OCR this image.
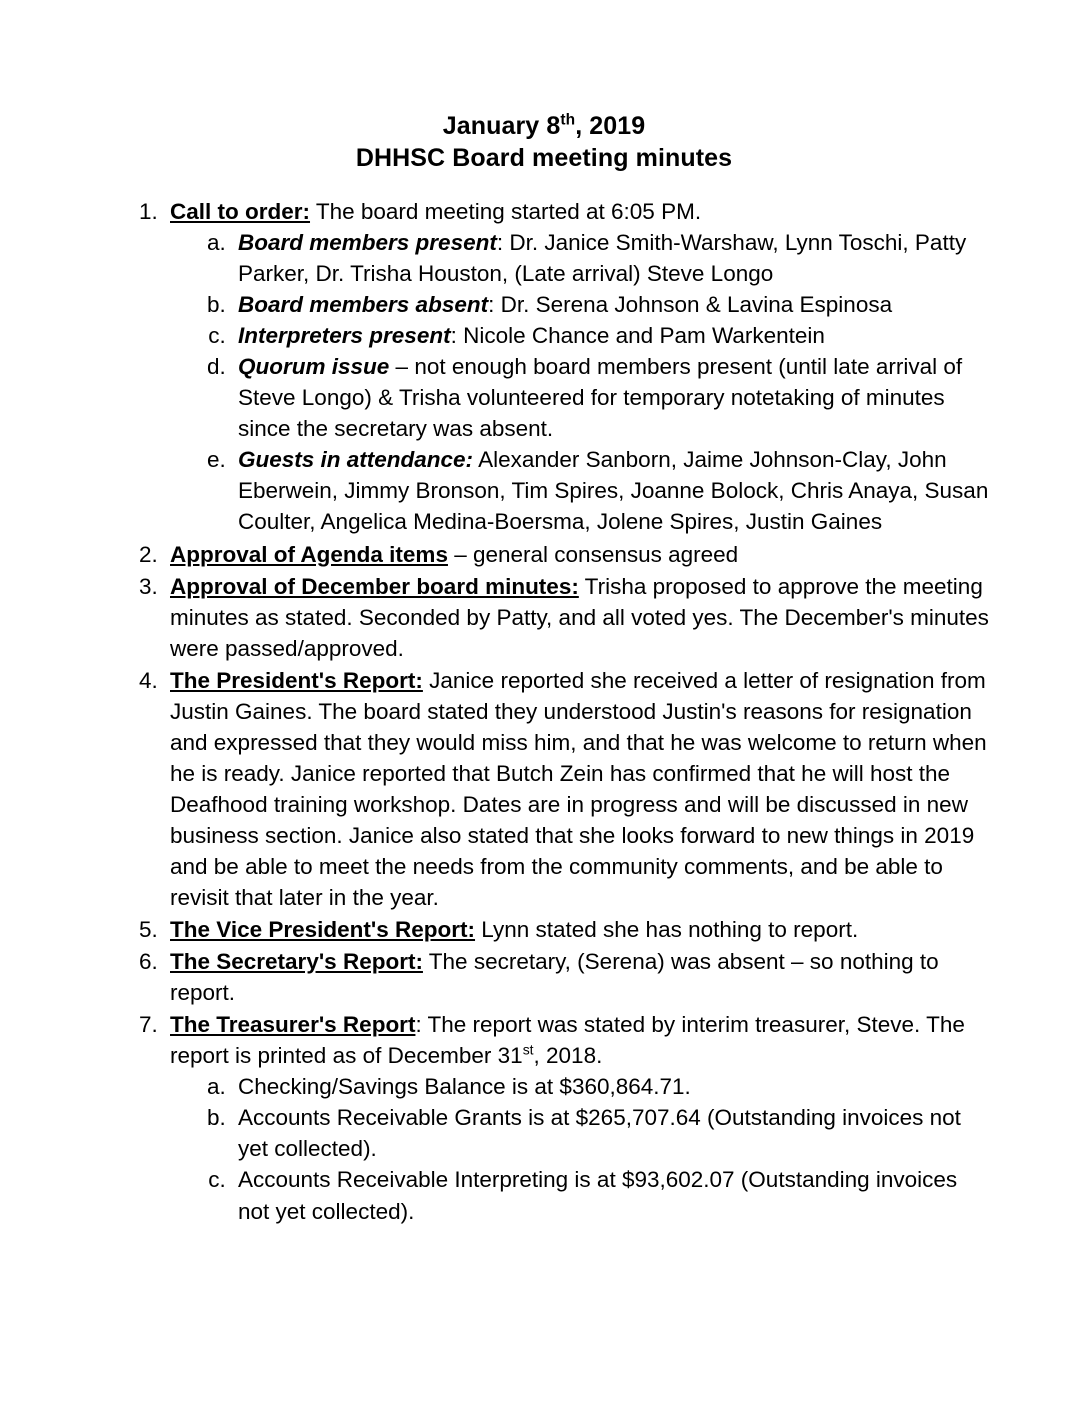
January 8th, 2019
DHHSC Board meeting minutes
1. Call to order: The board meeting started at 6:05 PM.
a. Board members present: Dr. Janice Smith-Warshaw, Lynn Toschi, Patty Parker, Dr. Trisha Houston, (Late arrival) Steve Longo
b. Board members absent: Dr. Serena Johnson & Lavina Espinosa
c. Interpreters present: Nicole Chance and Pam Warkentein
d. Quorum issue – not enough board members present (until late arrival of Steve Longo) & Trisha volunteered for temporary notetaking of minutes since the secretary was absent.
e. Guests in attendance: Alexander Sanborn, Jaime Johnson-Clay, John Eberwein, Jimmy Bronson, Tim Spires, Joanne Bolock, Chris Anaya, Susan Coulter, Angelica Medina-Boersma, Jolene Spires, Justin Gaines
2. Approval of Agenda items – general consensus agreed
3. Approval of December board minutes: Trisha proposed to approve the meeting minutes as stated. Seconded by Patty, and all voted yes. The December's minutes were passed/approved.
4. The President's Report: Janice reported she received a letter of resignation from Justin Gaines. The board stated they understood Justin's reasons for resignation and expressed that they would miss him, and that he was welcome to return when he is ready. Janice reported that Butch Zein has confirmed that he will host the Deafhood training workshop. Dates are in progress and will be discussed in new business section. Janice also stated that she looks forward to new things in 2019 and be able to meet the needs from the community comments, and be able to revisit that later in the year.
5. The Vice President's Report: Lynn stated she has nothing to report.
6. The Secretary's Report: The secretary, (Serena) was absent – so nothing to report.
7. The Treasurer's Report: The report was stated by interim treasurer, Steve. The report is printed as of December 31st, 2018.
a. Checking/Savings Balance is at $360,864.71.
b. Accounts Receivable Grants is at $265,707.64 (Outstanding invoices not yet collected).
c. Accounts Receivable Interpreting is at $93,602.07 (Outstanding invoices not yet collected).
